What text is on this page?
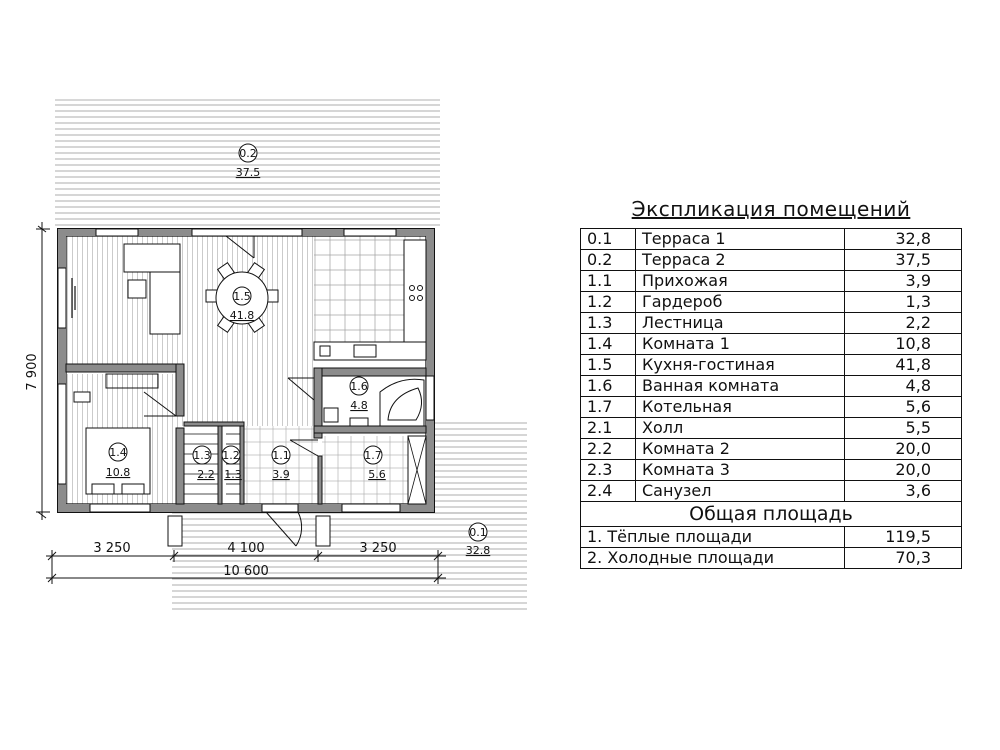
0.2
37.5
0.1
32.8
1.5
41.8
1.4
10.8
1.3
2.2
1.2
1.3
1.1
3.9
1.6
4.8
1.7
5.6
7 900
3 250	4 100	3 250
10 600
Экспликация помещений
0.1	Терраса 1	32,8
0.2	Терраса 2	37,5
1.1	Прихожая	3,9
1.2	Гардероб	1,3
1.3	Лестница	2,2
1.4	Комната 1	10,8
1.5	Кухня-гостиная	41,8
1.6	Ванная комната	4,8
1.7	Котельная	5,6
2.1	Холл	5,5
2.2	Комната 2	20,0
2.3	Комната 3	20,0
2.4	Санузел	3,6
Общая площадь		
1. Тёплые площади		119,5
2. Холодные площади		70,3
